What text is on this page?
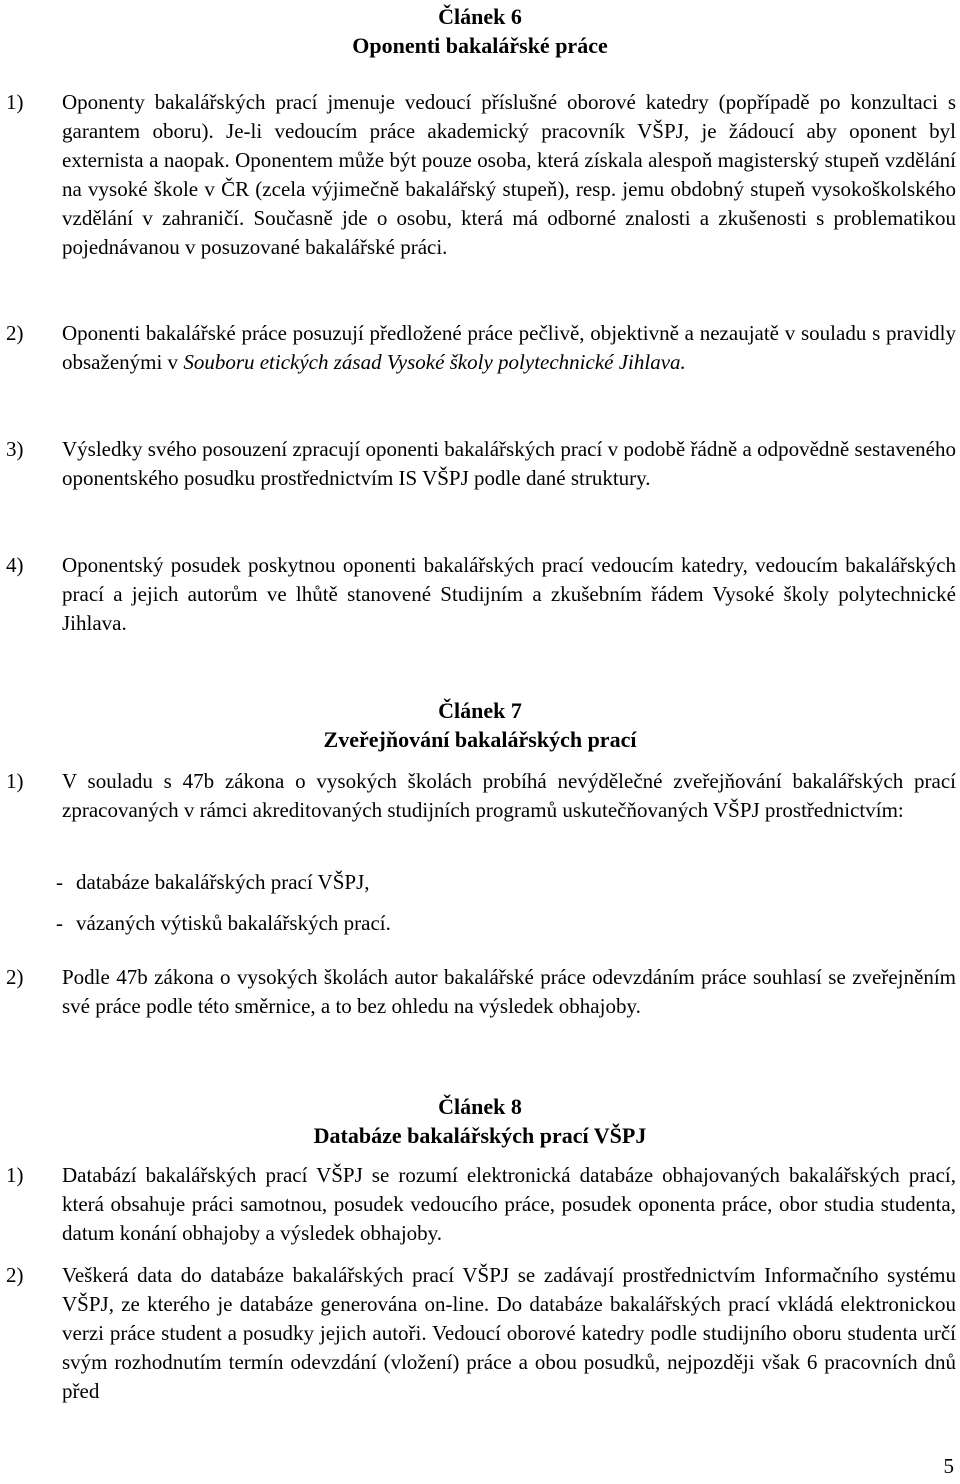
Článek 6
Oponenti bakalářské práce
1) Oponenty bakalářských prací jmenuje vedoucí příslušné oborové katedry (popřípadě po konzultaci s garantem oboru). Je-li vedoucím práce akademický pracovník VŠPJ, je žádoucí aby oponent byl externista a naopak. Oponentem může být pouze osoba, která získala alespoň magisterský stupeň vzdělání na vysoké škole v ČR (zcela výjimečně bakalářský stupeň), resp. jemu obdobný stupeň vysokoškolského vzdělání v zahraničí. Současně jde o osobu, která má odborné znalosti a zkušenosti s problematikou pojednávanou v posuzované bakalářské práci.
2) Oponenti bakalářské práce posuzují předložené práce pečlivě, objektivně a nezaujatě v souladu s pravidly obsaženými v Souboru etických zásad Vysoké školy polytechnické Jihlava.
3) Výsledky svého posouzení zpracují oponenti bakalářských prací v podobě řádně a odpovědně sestaveného oponentského posudku prostřednictvím IS VŠPJ podle dané struktury.
4) Oponentský posudek poskytnou oponenti bakalářských prací vedoucím katedry, vedoucím bakalářských prací a jejich autorům ve lhůtě stanovené Studijním a zkušebním řádem Vysoké školy polytechnické Jihlava.
Článek 7
Zveřejňování bakalářských prací
1) V souladu s 47b zákona o vysokých školách probíhá nevýdělečné zveřejňování bakalářských prací zpracovaných v rámci akreditovaných studijních programů uskutečňovaných VŠPJ prostřednictvím:
- databáze bakalářských prací VŠPJ,
- vázaných výtisků bakalářských prací.
2) Podle 47b zákona o vysokých školách autor bakalářské práce odevzdáním práce souhlasí se zveřejněním své práce podle této směrnice, a to bez ohledu na výsledek obhajoby.
Článek 8
Databáze bakalářských prací VŠPJ
1) Databází bakalářských prací VŠPJ se rozumí elektronická databáze obhajovaných bakalářských prací, která obsahuje práci samotnou, posudek vedoucího práce, posudek oponenta práce, obor studia studenta, datum konání obhajoby a výsledek obhajoby.
2) Veškerá data do databáze bakalářských prací VŠPJ se zadávají prostřednictvím Informačního systému VŠPJ, ze kterého je databáze generována on-line. Do databáze bakalářských prací vkládá elektronickou verzi práce student a posudky jejich autoři. Vedoucí oborové katedry podle studijního oboru studenta určí svým rozhodnutím termín odevzdání (vložení) práce a obou posudků, nejpozději však 6 pracovních dnů před
5
